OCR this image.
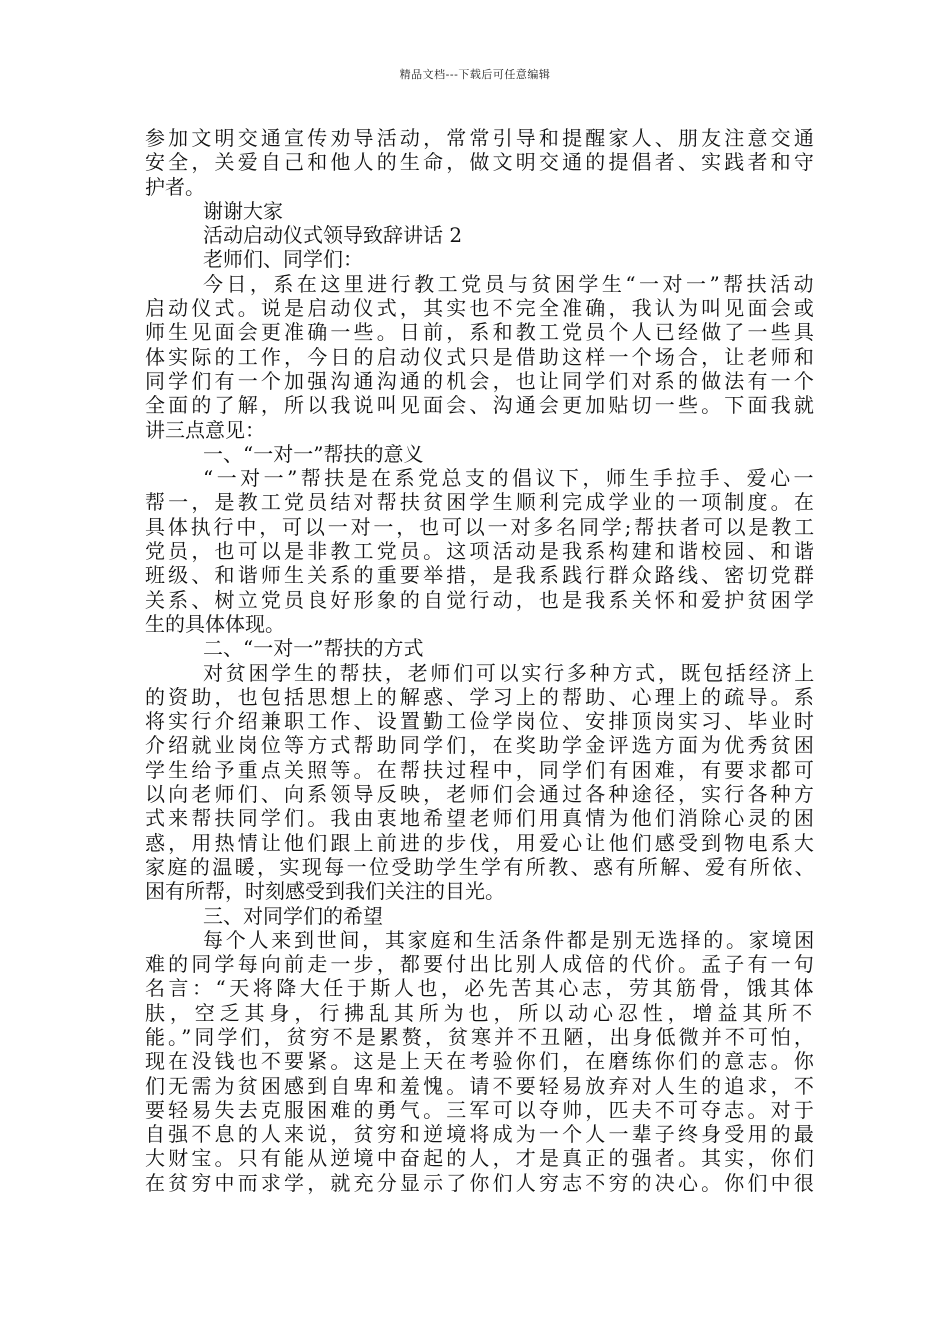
精品文档---下载后可任意编辑

参加文明交通宣传劝导活动，常常引导和提醒家人、朋友注意交通

安全，关爱自己和他人的生命，做文明交通的提倡者、实践者和守

护者。

谢谢大家

活动启动仪式领导致辞讲话 2

老师们、同学们：

今日，系在这里进行教工党员与贫困学生“一对一”帮扶活动

启动仪式。说是启动仪式，其实也不完全准确，我认为叫见面会或

师生见面会更准确一些。日前，系和教工党员个人已经做了一些具

体实际的工作，今日的启动仪式只是借助这样一个场合，让老师和

同学们有一个加强沟通沟通的机会，也让同学们对系的做法有一个

全面的了解，所以我说叫见面会、沟通会更加贴切一些。下面我就

讲三点意见：

一、“一对一”帮扶的意义

“一对一”帮扶是在系党总支的倡议下，师生手拉手、爱心一

帮一，是教工党员结对帮扶贫困学生顺利完成学业的一项制度。在

具体执行中，可以一对一，也可以一对多名同学;帮扶者可以是教工

党员，也可以是非教工党员。这项活动是我系构建和谐校园、和谐

班级、和谐师生关系的重要举措，是我系践行群众路线、密切党群

关系、树立党员良好形象的自觉行动，也是我系关怀和爱护贫困学

生的具体体现。

二、“一对一”帮扶的方式

对贫困学生的帮扶，老师们可以实行多种方式，既包括经济上

的资助，也包括思想上的解惑、学习上的帮助、心理上的疏导。系

将实行介绍兼职工作、设置勤工俭学岗位、安排顶岗实习、毕业时

介绍就业岗位等方式帮助同学们，在奖助学金评选方面为优秀贫困

学生给予重点关照等。在帮扶过程中，同学们有困难，有要求都可

以向老师们、向系领导反映，老师们会通过各种途径，实行各种方

式来帮扶同学们。我由衷地希望老师们用真情为他们消除心灵的困

惑，用热情让他们跟上前进的步伐，用爱心让他们感受到物电系大

家庭的温暖，实现每一位受助学生学有所教、惑有所解、爱有所依、

困有所帮，时刻感受到我们关注的目光。

三、对同学们的希望

每个人来到世间，其家庭和生活条件都是别无选择的。家境困

难的同学每向前走一步，都要付出比别人成倍的代价。孟子有一句

名言：“天将降大任于斯人也，必先苦其心志，劳其筋骨，饿其体

肤，空乏其身，行拂乱其所为也，所以动心忍性，增益其所不

能。”同学们，贫穷不是累赘，贫寒并不丑陋，出身低微并不可怕，

现在没钱也不要紧。这是上天在考验你们，在磨练你们的意志。你

们无需为贫困感到自卑和羞愧。请不要轻易放弃对人生的追求，不

要轻易失去克服困难的勇气。三军可以夺帅，匹夫不可夺志。对于

自强不息的人来说，贫穷和逆境将成为一个人一辈子终身受用的最

大财宝。只有能从逆境中奋起的人，才是真正的强者。其实，你们

在贫穷中而求学，就充分显示了你们人穷志不穷的决心。你们中很
